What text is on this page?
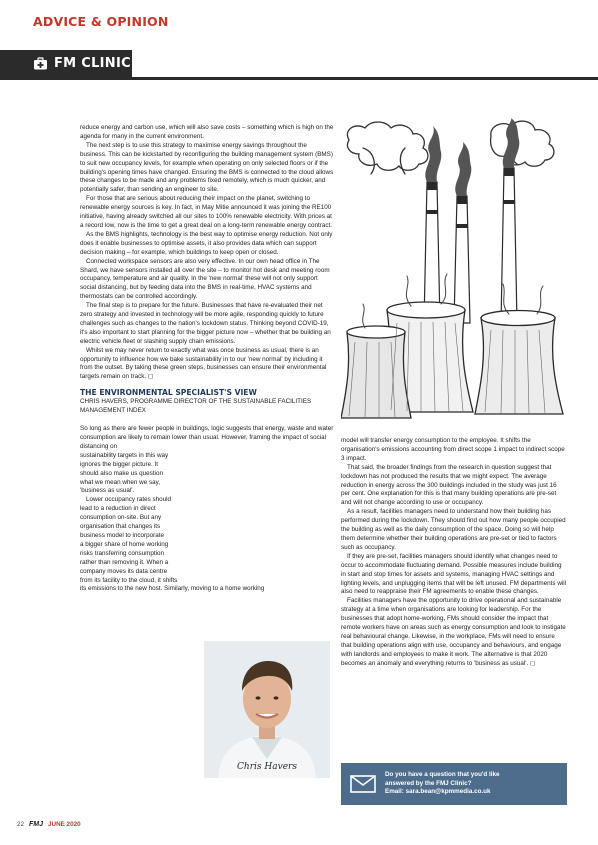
ADVICE & OPINION
FM CLINIC

reduce energy and carbon use, which will also save costs – something which is high on the agenda for many in the current environment.

The next step is to use this strategy to maximise energy savings throughout the business. This can be kickstarted by reconfiguring the building management system (BMS) to suit new occupancy levels, for example when operating on only selected floors or if the building's opening times have changed. Ensuring the BMS is connected to the cloud allows these changes to be made and any problems fixed remotely, which is much quicker, and potentially safer, than sending an engineer to site.

For those that are serious about reducing their impact on the planet, switching to renewable energy sources is key. In fact, in May Mitie announced it was joining the RE100 initiative, having already switched all our sites to 100% renewable electricity. With prices at a record low, now is the time to get a great deal on a long-term renewable energy contract.

As the BMS highlights, technology is the best way to optimise energy reduction. Not only does it enable businesses to optimise assets, it also provides data which can support decision making – for example, which buildings to keep open or closed.

Connected workspace sensors are also very effective. In our own head office in The Shard, we have sensors installed all over the site – to monitor hot desk and meeting room occupancy, temperature and air quality. In the 'new normal' these will not only support social distancing, but by feeding data into the BMS in real-time, HVAC systems and thermostats can be controlled accordingly.

The final step is to prepare for the future. Businesses that have re-evaluated their net zero strategy and invested in technology will be more agile, responding quickly to future challenges such as changes to the nation's lockdown status. Thinking beyond COVID-19, it's also important to start planning for the bigger picture now – whether that be building an electric vehicle fleet or slashing supply chain emissions.

Whilst we may never return to exactly what was once business as usual, there is an opportunity to influence how we bake sustainability in to our 'new normal' by including it from the outset. By taking these green steps, businesses can ensure their environmental targets remain on track. ◻

THE ENVIRONMENTAL SPECIALIST'S VIEW
CHRIS HAVERS, PROGRAMME DIRECTOR OF THE SUSTAINABLE FACILITIES MANAGEMENT INDEX

So long as there are fewer people in buildings, logic suggests that energy, waste and water consumption are likely to remain lower than usual. However, framing the impact of social distancing on

sustainability targets in this way

ignores the bigger picture. It

should also make us question

what we mean when we say,

'business as usual'.

Lower occupancy rates should

lead to a reduction in direct

consumption on-site. But any

organisation that changes its

business model to incorporate

a bigger share of home working

risks transferring consumption

rather than removing it. When a

company moves its data centre

from its facility to the cloud, it shifts

its emissions to the new host. Similarly, moving to a home working

Chris Havers

model will transfer energy consumption to the employee. It shifts the organisation's emissions accounting from direct scope 1 impact to indirect scope 3 impact.

That said, the broader findings from the research in question suggest that lockdown has not produced the results that we might expect. The average reduction in energy across the 300 buildings included in the study was just 16 per cent. One explanation for this is that many building operations are pre-set and will not change according to use or occupancy.

As a result, facilities managers need to understand how their building has performed during the lockdown. They should find out how many people occupied the building as well as the daily consumption of the space. Doing so will help them determine whether their building operations are pre-set or tied to factors such as occupancy.

If they are pre-set, facilities managers should identify what changes need to occur to accommodate fluctuating demand. Possible measures include building in start and stop times for assets and systems, managing HVAC settings and lighting levels, and unplugging items that will be left unused. FM departments will also need to reappraise their FM agreements to enable these changes.

Facilities managers have the opportunity to drive operational and sustainable strategy at a time when organisations are looking for leadership. For the businesses that adopt home-working, FMs should consider the impact that remote workers have on areas such as energy consumption and look to instigate real behavioural change. Likewise, in the workplace, FMs will need to ensure that building operations align with use, occupancy and behaviours, and engage with landlords and employees to make it work. The alternative is that 2020 becomes an anomaly and everything returns to 'business as usual'. ◻

Do you have a question that you'd like
answered by the FMJ Clinic?
Email: sara.bean@kpmmedia.co.uk
22 FMJ JUNE 2020
